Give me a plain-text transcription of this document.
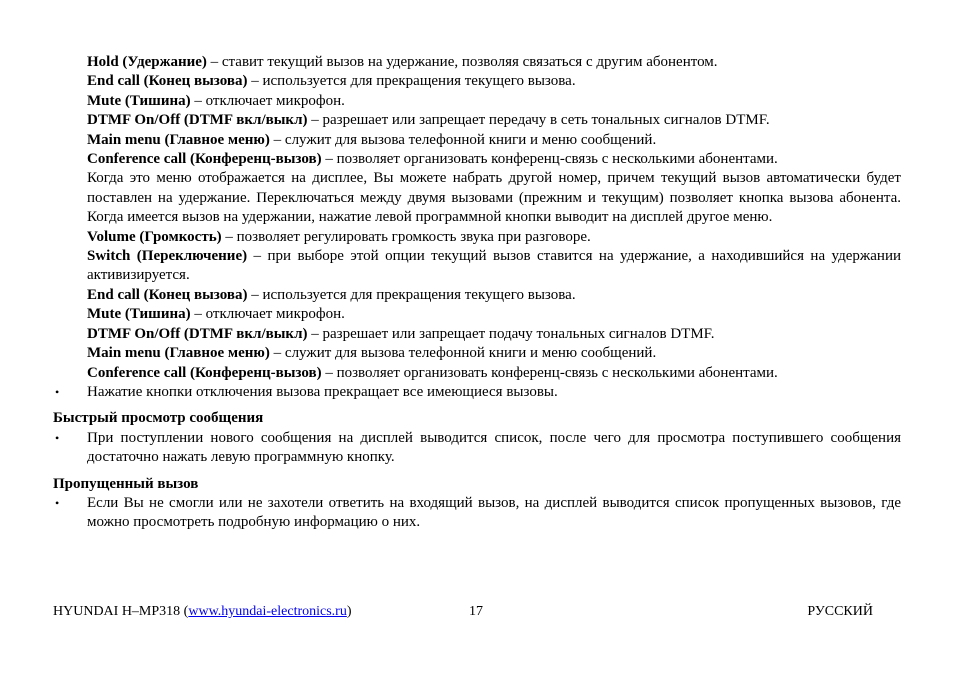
Hold (Удержание) – ставит текущий вызов на удержание, позволяя связаться с другим абонентом.

End call (Конец вызова) – используется для прекращения текущего вызова.

Mute (Тишина) – отключает микрофон.

DTMF On/Off (DTMF вкл/выкл) – разрешает или запрещает передачу в сеть тональных сигналов DTMF.

Main menu (Главное меню) – служит для вызова телефонной книги и меню сообщений.

Conference call (Конференц-вызов) – позволяет организовать конференц-связь с несколькими абонентами.

Когда это меню отображается на дисплее, Вы можете набрать другой номер, причем текущий вызов автоматически будет поставлен на удержание. Переключаться между двумя вызовами (прежним и текущим) позволяет кнопка вызова абонента. Когда имеется вызов на удержании, нажатие левой программной кнопки выводит на дисплей другое меню.

Volume (Громкость) – позволяет регулировать громкость звука при разговоре.

Switch (Переключение) – при выборе этой опции текущий вызов ставится на удержание, а находившийся на удержании активизируется.

End call (Конец вызова) – используется для прекращения текущего вызова.

Mute (Тишина) – отключает микрофон.

DTMF On/Off (DTMF вкл/выкл) – разрешает или запрещает подачу тональных сигналов DTMF.

Main menu (Главное меню) – служит для вызова телефонной книги и меню сообщений.

Conference call (Конференц-вызов) – позволяет организовать конференц-связь с несколькими абонентами.

• Нажатие кнопки отключения вызова прекращает все имеющиеся вызовы.
Быстрый просмотр сообщения
• При поступлении нового сообщения на дисплей выводится список, после чего для просмотра поступившего сообщения достаточно нажать левую программную кнопку.
Пропущенный вызов
• Если Вы не смогли или не захотели ответить на входящий вызов, на дисплей выводится список пропущенных вызовов, где можно просмотреть подробную информацию о них.
HYUNDAI H–MP318 (www.hyundai-electronics.ru)	17	РУССКИЙ
